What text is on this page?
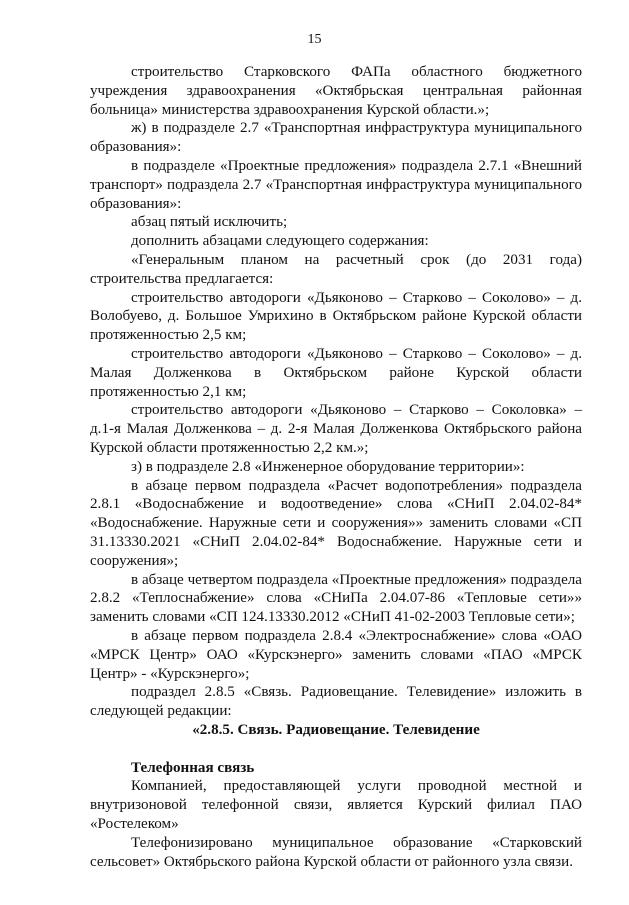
15

строительство Старковского ФАПа областного бюджетного учреждения здравоохранения «Октябрьская центральная районная больница» министерства здравоохранения Курской области.»;

ж) в подразделе 2.7 «Транспортная инфраструктура муниципального образования»:

в подразделе «Проектные предложения» подраздела 2.7.1 «Внешний транспорт» подраздела 2.7 «Транспортная инфраструктура муниципального образования»:

абзац пятый исключить;

дополнить абзацами следующего содержания:

«Генеральным планом на расчетный срок (до 2031 года) строительства предлагается:

строительство автодороги «Дьяконово – Старково – Соколово» – д. Волобуево, д. Большое Умрихино в Октябрьском районе Курской области протяженностью 2,5 км;

строительство автодороги «Дьяконово – Старково – Соколово» – д. Малая Долженкова в Октябрьском районе Курской области протяженностью 2,1 км;

строительство автодороги «Дьяконово – Старково – Соколовка» – д.1-я Малая Долженкова – д. 2-я Малая Долженкова Октябрьского района Курской области протяженностью 2,2 км.»;

з) в подразделе 2.8 «Инженерное оборудование территории»:

в абзаце первом подраздела «Расчет водопотребления» подраздела 2.8.1 «Водоснабжение и водоотведение» слова «СНиП 2.04.02-84* «Водоснабжение. Наружные сети и сооружения»» заменить словами «СП 31.13330.2021 «СНиП 2.04.02-84* Водоснабжение. Наружные сети и сооружения»;

в абзаце четвертом подраздела «Проектные предложения» подраздела 2.8.2 «Теплоснабжение» слова «СНиПа 2.04.07-86 «Тепловые сети»» заменить словами «СП 124.13330.2012 «СНиП 41-02-2003 Тепловые сети»;

в абзаце первом подраздела 2.8.4 «Электроснабжение» слова «ОАО «МРСК Центр» ОАО «Курскэнерго» заменить словами «ПАО «МРСК Центр» - «Курскэнерго»;

подраздел 2.8.5 «Связь. Радиовещание. Телевидение» изложить в следующей редакции:

«2.8.5. Связь. Радиовещание. Телевидение

Телефонная связь

Компанией, предоставляющей услуги проводной местной и внутризоновой телефонной связи, является Курский филиал ПАО «Ростелеком»

Телефонизировано муниципальное образование «Старковский сельсовет» Октябрьского района Курской области от районного узла связи.
